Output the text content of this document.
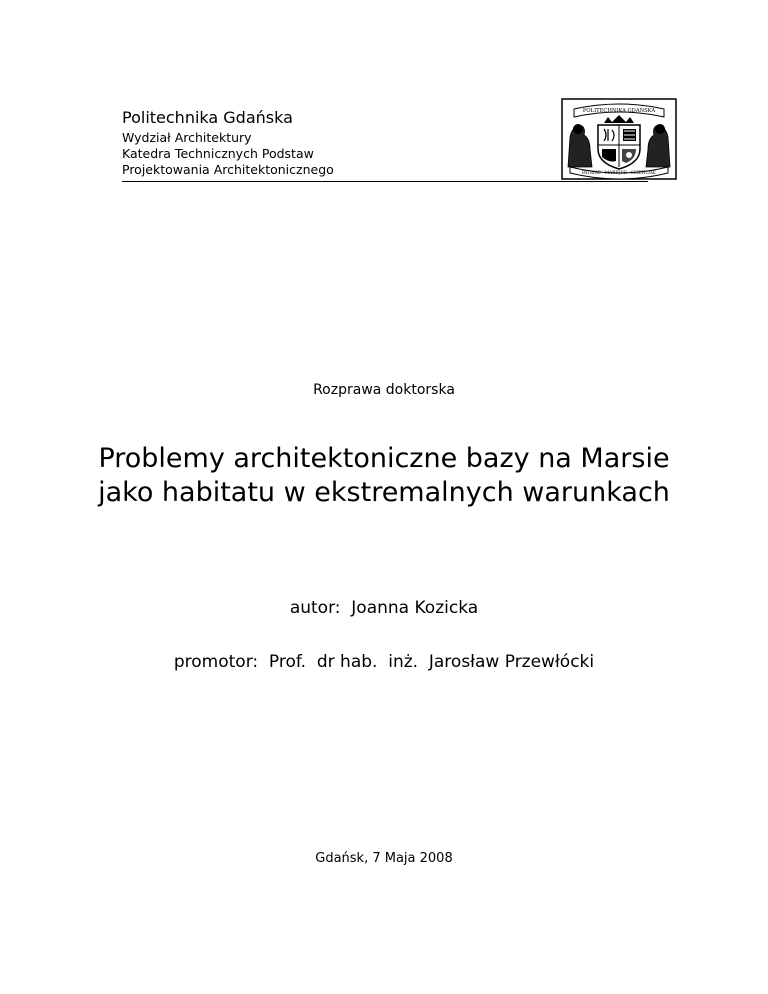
Politechnika Gdańska
Wydział Architektury
Katedra Technicznych Podstaw
Projektowania Architektonicznego
POLITECHNIKA GDAŃSKA
PATRIAE · MARIQUE · SCIENTIAE
Rozprawa doktorska
Problemy architektoniczne bazy na Marsie
jako habitatu w ekstremalnych warunkach
autor:  Joanna Kozicka
promotor:  Prof.  dr hab.  inż.  Jarosław Przewłócki
Gdańsk, 7 Maja 2008
